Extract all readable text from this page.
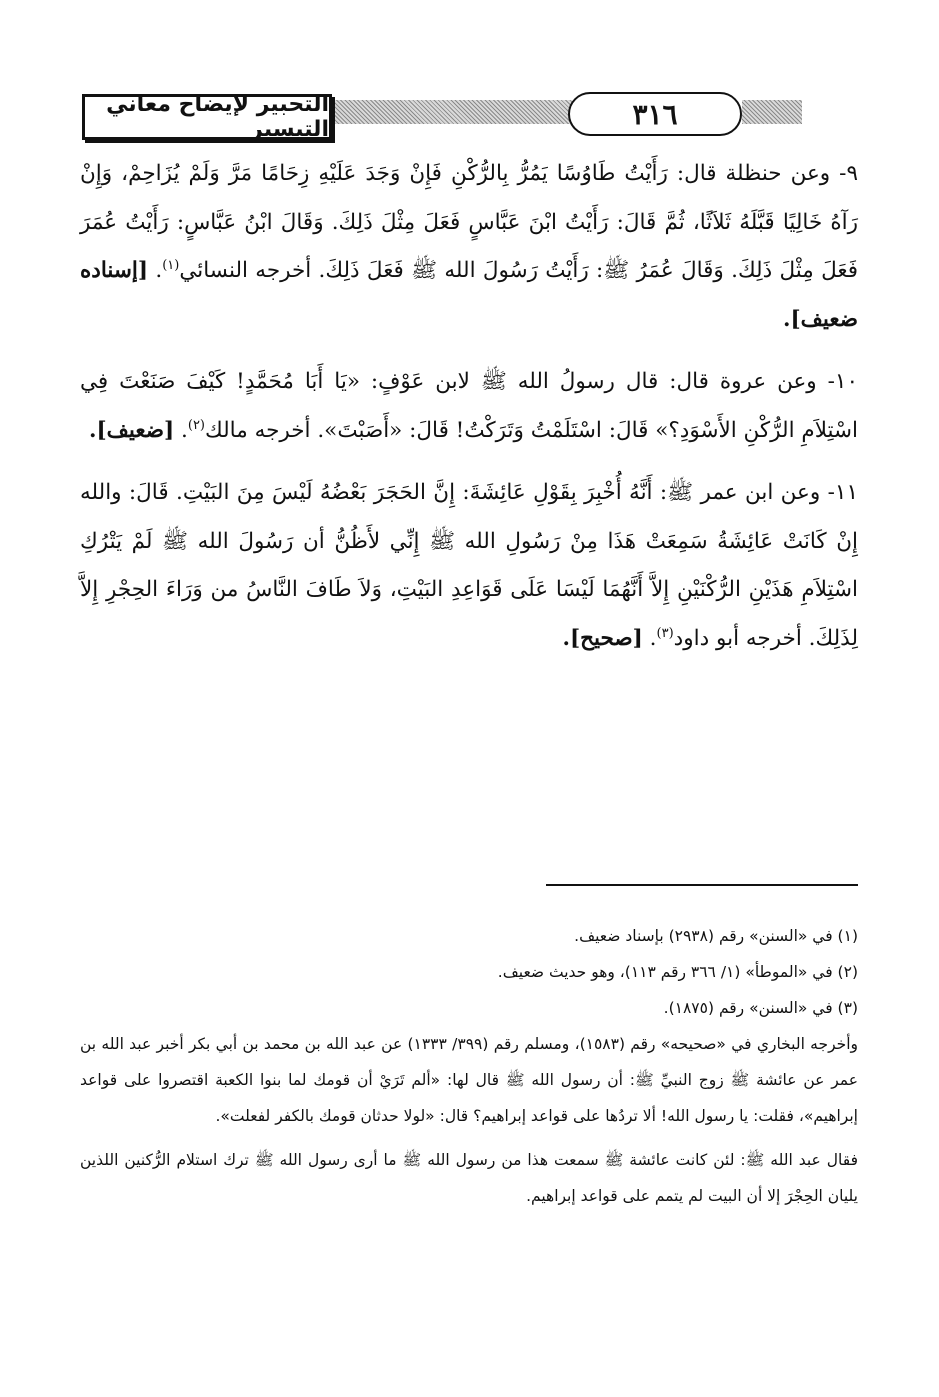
٣١٦
التحبير لإيضاح معاني التيسير

٩- وعن حنظلة قال: رَأَيْتُ طَاوُسًا يَمُرُّ بِالرُّكْنِ فَإِنْ وَجَدَ عَلَيْهِ زِحَامًا مَرَّ وَلَمْ يُزَاحِمْ، وَإِنْ رَآهُ خَالِيًا قَبَّلَهُ ثَلاَثًا، ثُمَّ قَالَ: رَأَيْتُ ابْنَ عَبَّاسٍ فَعَلَ مِثْلَ ذَلِكَ. وَقَالَ ابْنُ عَبَّاسٍ: رَأَيْتُ عُمَرَ فَعَلَ مِثْلَ ذَلِكَ. وَقَالَ عُمَرُ ﷺ: رَأَيْتُ رَسُولَ الله ﷺ فَعَلَ ذَلِكَ. أخرجه النسائي$^{(١)}$. [إسناده ضعيف].

١٠- وعن عروة قال: قال رسولُ الله ﷺ لابن عَوْفٍ: «يَا أَبَا مُحَمَّدٍ! كَيْفَ صَنَعْتَ فِي اسْتِلاَمِ الرُّكْنِ الأَسْوَدِ؟» قَالَ: اسْتَلَمْتُ وَتَرَكْتُ! قَالَ: «أَصَبْتَ». أخرجه مالك$^{(٢)}$. [ضعيف].

١١- وعن ابن عمر ﷺ: أَنَّهُ أُخْبِرَ بِقَوْلِ عَائِشَةَ: إِنَّ الحَجَرَ بَعْضُهُ لَيْسَ مِنَ البَيْتِ. قَالَ: والله إِنْ كَانَتْ عَائِشَةُ سَمِعَتْ هَذَا مِنْ رَسُولِ الله ﷺ إِنِّي لأَظُنُّ أن رَسُولَ الله ﷺ لَمْ يَتْرُكِ اسْتِلاَمِ هَذَيْنِ الرُّكْنَيْنِ إِلاَّ أَنَّهُمَا لَيْسَا عَلَى قَوَاعِدِ البَيْتِ، وَلاَ طَافَ النَّاسُ من وَرَاءَ الحِجْرِ إِلاَّ لِذَلِكَ. أخرجه أبو داود$^{(٣)}$. [صحيح].

(١) في «السنن» رقم (٢٩٣٨) بإسناد ضعيف.

(٢) في «الموطأ» (١/ ٣٦٦ رقم ١١٣)، وهو حديث ضعيف.

(٣) في «السنن» رقم (١٨٧٥).

وأخرجه البخاري في «صحيحه» رقم (١٥٨٣)، ومسلم رقم (٣٩٩/ ١٣٣٣) عن عبد الله بن محمد بن أبي بكر أخبر عبد الله بن عمر عن عائشة ﷺ زوج النبيِّ ﷺ: أن رسول الله ﷺ قال لها: «ألم تَرَيْ أن قومك لما بنوا الكعبة اقتصروا على قواعد إبراهيم»، فقلت: يا رسول الله! ألا تردُها على قواعد إبراهيم؟ قال: «لولا حدثان قومك بالكفر لفعلت».

فقال عبد الله ﷺ: لئن كانت عائشة ﷺ سمعت هذا من رسول الله ﷺ ما أرى رسول الله ﷺ ترك استلام الرُّكنين اللذين يليان الحِجْرَ إلا أن البيت لم يتمم على قواعد إبراهيم.
